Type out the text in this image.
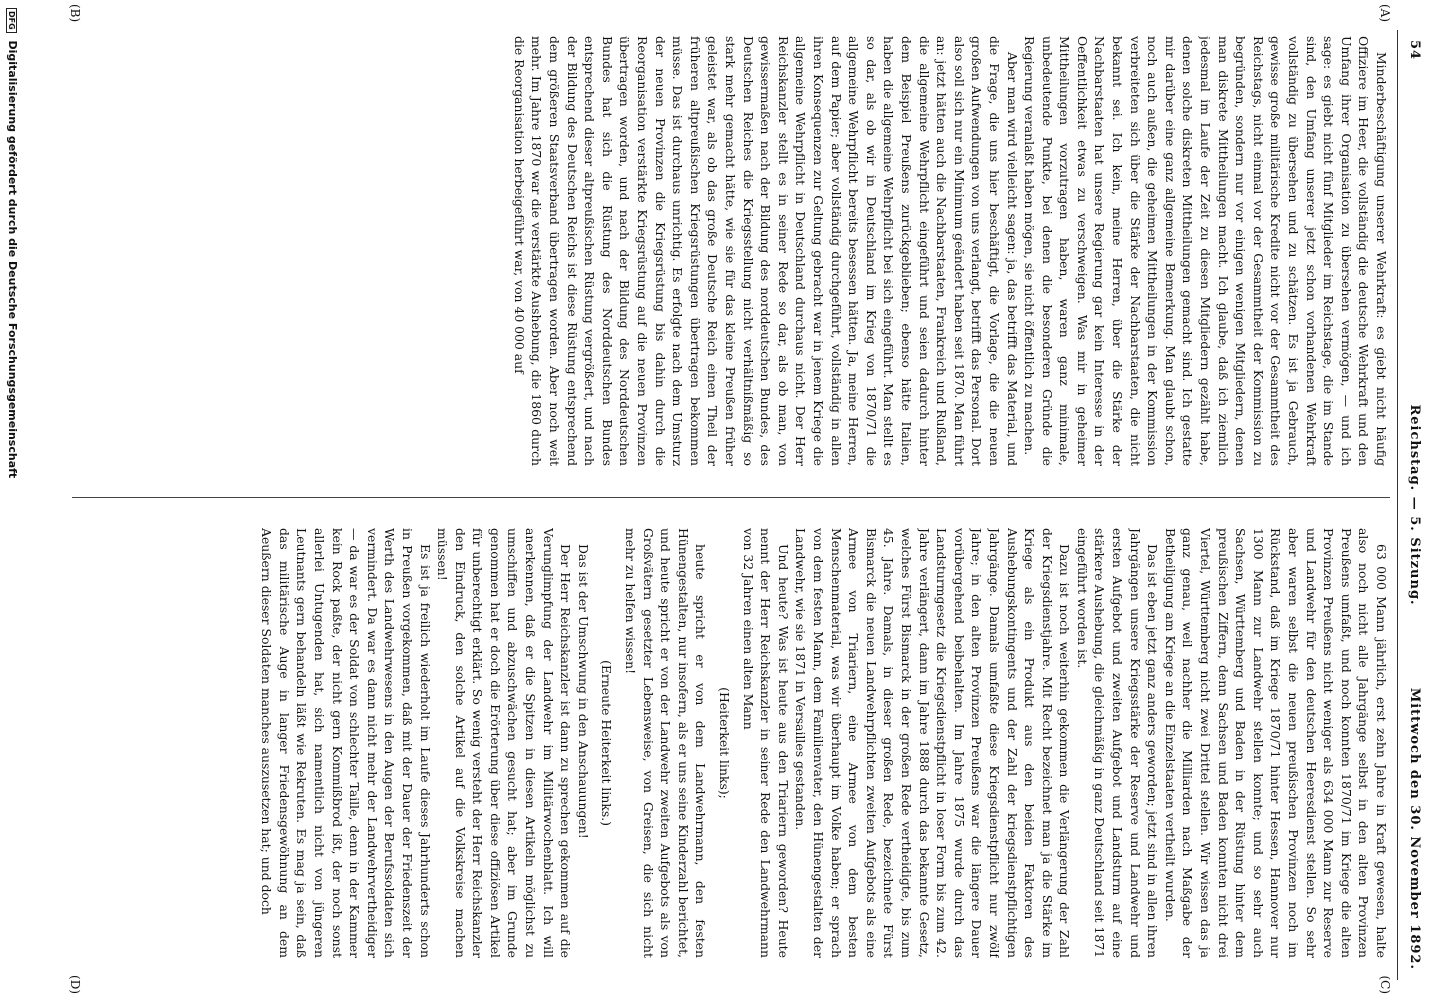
54
Reichstag. — 5. Sitzung.
Mittwoch den 30. November 1892.
(A)
(B)
(C)
(D)

Minderbeschäftigung unserer Wehrkraft: es giebt nicht häufig Offiziere im Heer, die vollständig die deutsche Wehrkraft und den Umfang ihrer Organisation zu übersehen vermögen, — und ich sage: es giebt nicht fünf Mitglieder im Reichstage, die im Stande sind, den Umfang unserer jetzt schon vorhandenen Wehrkraft vollständig zu übersehen und zu schätzen. Es ist ja Gebrauch, gewisse große militärische Kredite nicht vor der Gesammtheit des Reichstags, nicht einmal vor der Gesammtheit der Kommission zu begründen, sondern nur vor einigen wenigen Mitgliedern, denen man diskrete Mittheilungen macht. Ich glaube, daß ich ziemlich jedesmal im Laufe der Zeit zu diesen Mitgliedern gezählt habe, denen solche diskreten Mittheilungen gemacht sind. Ich gestatte mir darüber eine ganz allgemeine Bemerkung. Man glaubt schon, noch auch außen, die geheimen Mittheilungen in der Kommission verbreiteten sich über die Stärke der Nachbarstaaten, die nicht bekannt sei. Ich kein, meine Herren, über die Stärke der Nachbarstaaten hat unsere Regierung gar kein Interesse in der Oeffentlichkeit etwas zu verschweigen. Was mir in geheimer Mittheilungen vorzutragen haben, waren ganz minimale, unbedeutende Punkte, bei denen die besonderen Gründe die Regierung veranlaßt haben mögen, sie nicht öffentlich zu machen.

Aber man wird vielleicht sagen: ja, das betrifft das Material, und die Frage, die uns hier beschäftigt, die Vorlage, die die neuen großen Aufwendungen von uns verlangt, betrifft das Personal. Dort also soll sich nur ein Minimum geändert haben seit 1870. Man führt an: jetzt hätten auch die Nachbarstaaten, Frankreich und Rußland, die allgemeine Wehrpflicht eingeführt und seien dadurch hinter dem Beispiel Preußens zurückgeblieben; ebenso hätte Italien, haben die allgemeine Wehrpflicht bei sich eingeführt. Man stellt es so dar, als ob wir in Deutschland im Krieg von 1870/71 die allgemeine Wehrpflicht bereits besessen hätten. Ja, meine Herren, auf dem Papier; aber vollständig durchgeführt, vollständig in allen ihren Konsequenzen zur Geltung gebracht war in jenem Kriege die allgemeine Wehrpflicht in Deutschland durchaus nicht. Der Herr Reichskanzler stellt es in seiner Rede so dar, als ob man, von gewissermaßen nach der Bildung des norddeutschen Bundes, des Deutschen Reiches die Kriegsstellung nicht verhältnißmäßig so stark mehr gemacht hätte, wie sie für das kleine Preußen früher geleistet war, als ob das große Deutsche Reich einen Theil der früheren altpreußischen Kriegsrüstungen übertragen bekommen müsse. Das ist durchaus unrichtig. Es erfolgte nach dem Umsturz der neuen Provinzen die Kriegsrüstung bis dahin durch die Reorganisation verstärkte Kriegsrüstung auf die neuen Provinzen übertragen worden, und nach der Bildung des Norddeutschen Bundes hat sich die Rüstung des Norddeutschen Bundes entsprechend dieser altpreußischen Rüstung vergrößert, und nach der Bildung des Deutschen Reichs ist diese Rüstung entsprechend dem größeren Staatsverband übertragen worden. Aber noch weit mehr. Im Jahre 1870 war die verstärkte Aushebung, die 1860 durch die Reorganisation herbeigeführt war, von 40 000 auf

63 000 Mann jährlich, erst zehn Jahre in Kraft gewesen, halte also noch nicht alle Jahrgänge selbst in den alten Provinzen Preußens umfaßt, und noch konnten 1870/71 im Kriege die alten Provinzen Preußens nicht weniger als 634 000 Mann zur Reserve und Landwehr für den deutschen Heeresdienst stellen. So sehr aber waren selbst die neuen preußischen Provinzen noch im Rückstand, daß im Kriege 1870/71 hinter Hessen, Hannover nur 1300 Mann zur Landwehr stellen konnte; und so sehr auch Sachsen, Württemberg und Baden in der Rüstung hinter dem preußischen Ziffern, denn Sachsen und Baden konnten nicht drei Viertel, Württemberg nicht zwei Drittel stellen. Wir wissen das ja ganz genau, weil nachher die Milliarden nach Maßgabe der Betheiligung am Kriege an die Einzelstaaten vertheilt wurden.

Das ist eben jetzt ganz anders geworden; jetzt sind in allen ihren Jahrgängen unsere Kriegsstärke der Reserve und Landwehr und ersten Aufgebot und zweiten Aufgebot und Landsturm auf eine stärkere Aushebung, die gleichmäßig in ganz Deutschland seit 1871 eingeführt worden ist.

Dazu ist noch weiterhin gekommen die Verlängerung der Zahl der Kriegsdienstjahre. Mit Recht bezeichnet man ja die Stärke im Kriege als ein Produkt aus den beiden Faktoren des Aushebungskontingents und der Zahl der kriegsdienstpflichtigen Jahrgänge. Damals umfaßte diese Kriegsdienstpflicht nur zwölf Jahre; in den alten Provinzen Preußens war die längere Dauer vorübergehend beibehalten. Im Jahre 1875 wurde durch das Landsturmgesetz die Kriegsdienstpflicht in loser Form bis zum 42. Jahre verlängert, dann im Jahre 1888 durch das bekannte Gesetz, welches Fürst Bismarck in der großen Rede vertheidigte, bis zum 45. Jahre. Damals, in dieser großen Rede, bezeichnete Fürst Bismarck die neuen Landwehrpflichten zweiten Aufgebots als eine Armee von Triariern, eine Armee von dem besten Menschenmaterial, was wir überhaupt im Volke haben; er sprach von dem festen Mann, dem Familienvater, den Hünengestalten der Landwehr, wie sie 1871 in Versailles gestanden.

Und heute? Was ist heute aus den Triariern geworden? Heute nennt der Herr Reichskanzler in seiner Rede den Landwehrmann von 32 Jahren einen alten Mann

(Heiterkeit links);

heute spricht er von dem Landwehrmann, den festen Hünengestalten, nur insofern, als er uns seine Kinderzahl berichtet, und heute spricht er von der Landwehr zweiten Aufgebots als von Großvätern gesetzter Lebensweise, von Greisen, die sich nicht mehr zu helfen wissen!

(Erneute Heiterkeit links.)

Das ist der Umschwung in den Anschauungen!

Der Herr Reichskanzler ist dann zu sprechen gekommen auf die Verunglimpfung der Landwehr im Militärwochenblatt. Ich will anerkennen, daß er die Spitzen in diesen Artikeln möglichst zu umschiffen und abzuschwächen gesucht hat; aber im Grunde genommen hat er doch die Erörterung über diese offiziösen Artikel für unberechtigt erklärt. So wenig versteht der Herr Reichskanzler den Eindruck, den solche Artikel auf die Volkskreise machen müssen!

Es ist ja freilich wiederholt im Laufe dieses Jahrhunderts schon in Preußen vorgekommen, daß mit der Dauer der Friedenszeit der Werth des Landwehrwesens in den Augen der Berufssoldaten sich vermindert. Da war es dann nicht mehr der Landwehrvertheidiger — da war es der Soldat von schlechter Taille, denn in der Kammer kein Rock paßte, der nicht gern Kommißbrod ißt, der noch sonst allerlei Untugenden hat, sich namentlich nicht von jüngeren Leutnants gern behandeln läßt wie Rekruten. Es mag ja sein, daß das militärische Auge in langer Friedensgewöhnung an dem Aeußern dieser Soldaten manches auszusetzen hat; und doch

DFG Digitalisierung gefördert durch die Deutsche Forschungsgemeinschaft
